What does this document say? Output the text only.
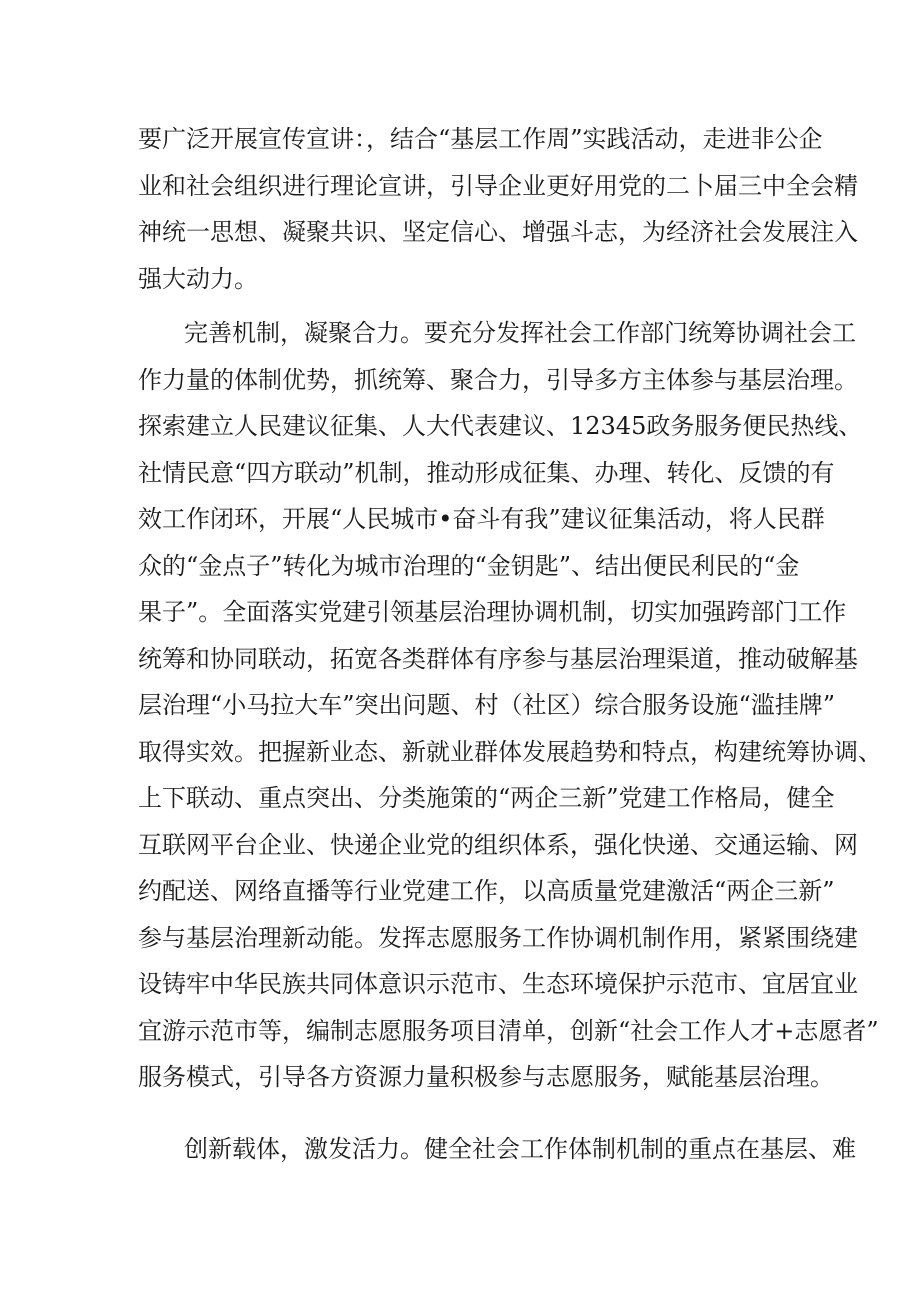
要广泛开展宣传宣讲：，结合“基层工作周”实践活动，走进非公企
业和社会组织进行理论宣讲，引导企业更好用党的二卜届三中全会精
神统一思想、凝聚共识、坚定信心、增强斗志，为经济社会发展注入
强大动力。
完善机制，凝聚合力。要充分发挥社会工作部门统筹协调社会工
作力量的体制优势，抓统筹、聚合力，引导多方主体参与基层治理。
探索建立人民建议征集、人大代表建议、12345政务服务便民热线、
社情民意“四方联动”机制，推动形成征集、办理、转化、反馈的有
效工作闭环，开展“人民城市•奋斗有我”建议征集活动，将人民群
众的“金点子”转化为城市治理的“金钥匙”、结出便民利民的“金
果子”。全面落实党建引领基层治理协调机制，切实加强跨部门工作
统筹和协同联动，拓宽各类群体有序参与基层治理渠道，推动破解基
层治理“小马拉大车”突出问题、村（社区）综合服务设施“滥挂牌”
取得实效。把握新业态、新就业群体发展趋势和特点，构建统筹协调、
上下联动、重点突出、分类施策的“两企三新”党建工作格局，健全
互联网平台企业、快递企业党的组织体系，强化快递、交通运输、网
约配送、网络直播等行业党建工作，以高质量党建激活“两企三新”
参与基层治理新动能。发挥志愿服务工作协调机制作用，紧紧围绕建
设铸牢中华民族共同体意识示范市、生态环境保护示范市、宜居宜业
宜游示范市等，编制志愿服务项目清单，创新“社会工作人才+志愿者”
服务模式，引导各方资源力量积极参与志愿服务，赋能基层治理。
创新载体，激发活力。健全社会工作体制机制的重点在基层、难
